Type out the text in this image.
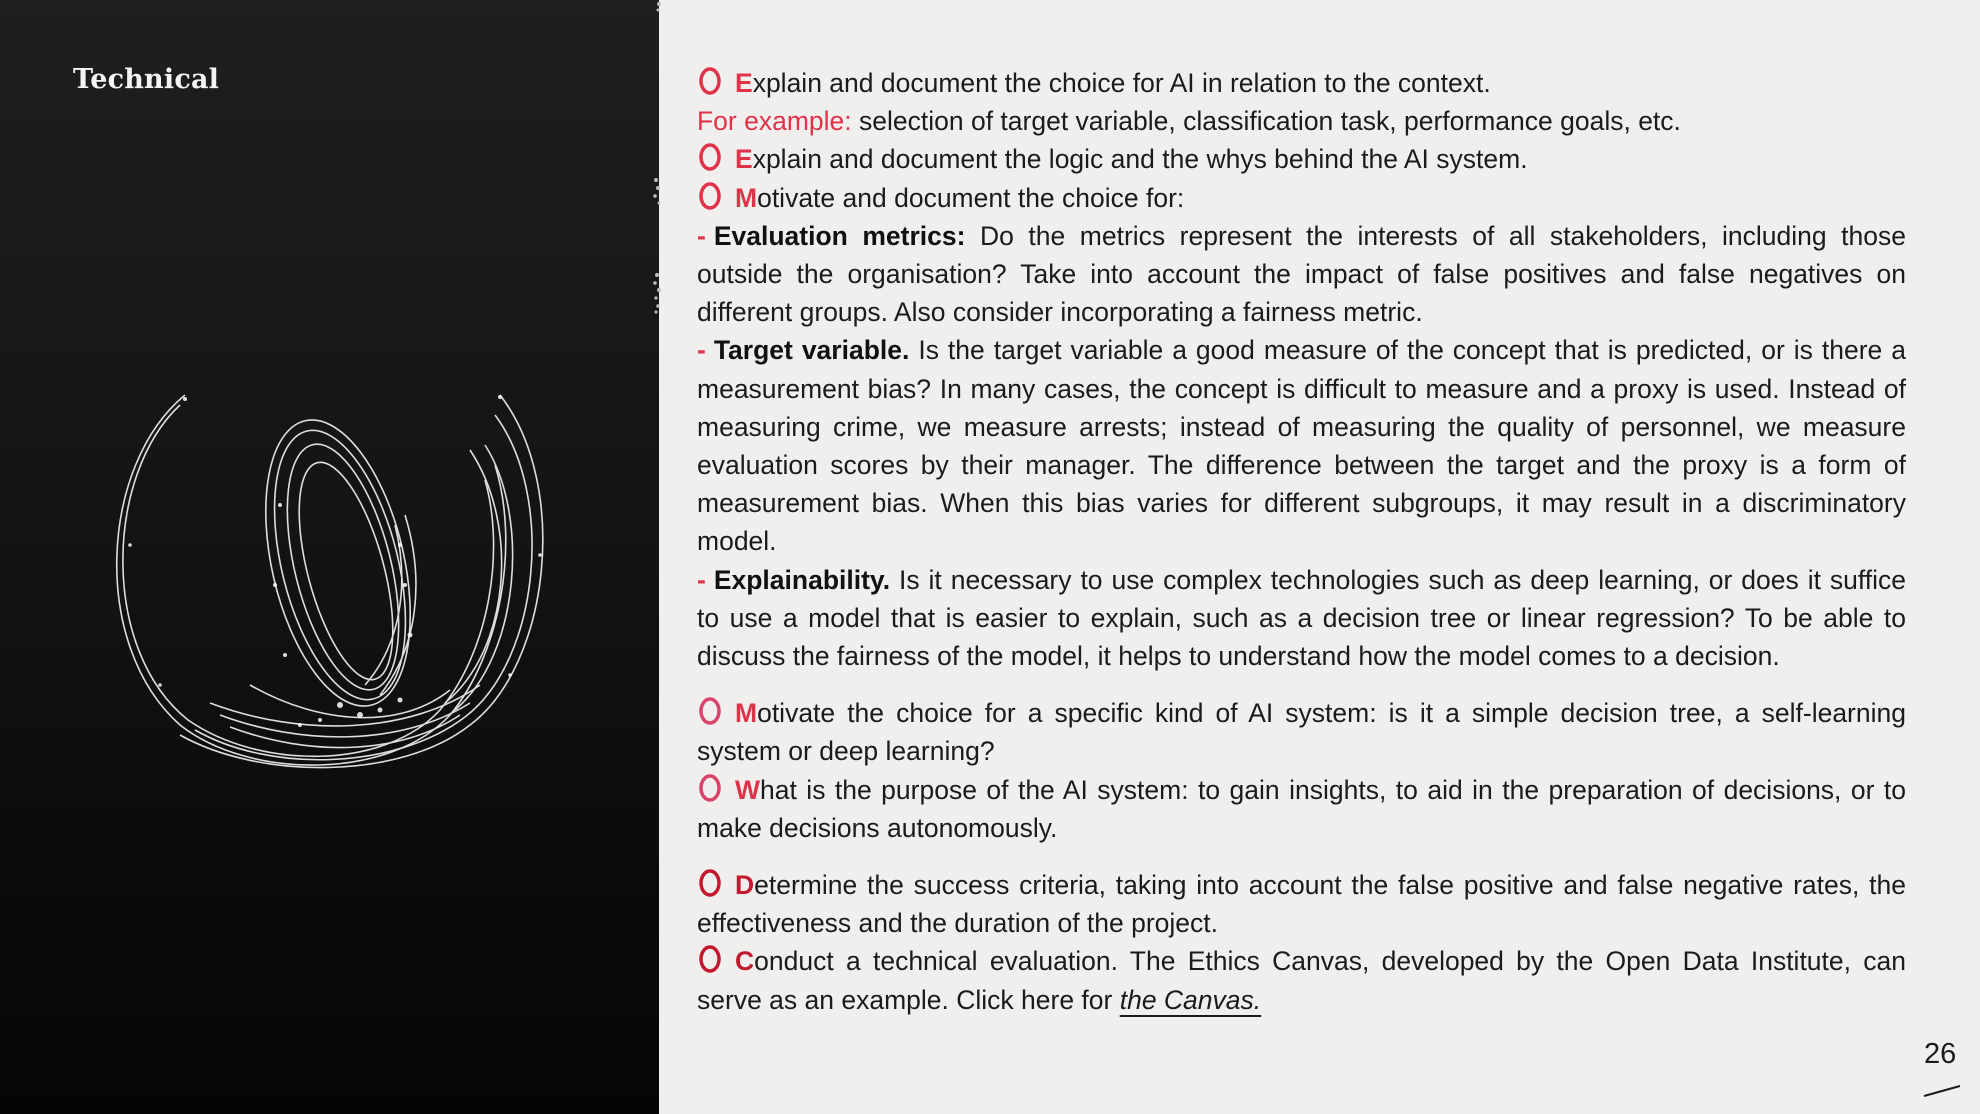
Technical	Explain and document the choice for AI in relation to the context.
For example: selection of target variable, classification task, performance goals, etc.
Explain and document the logic and the whys behind the AI system.
Motivate and document the choice for:
- Evaluation metrics: Do the metrics represent the interests of all stakeholders, including those outside the organisation? Take into account the impact of false positives and false negatives on different groups. Also consider incorporating a fairness metric.
- Target variable. Is the target variable a good measure of the concept that is predicted, or is there a measurement bias? In many cases, the concept is difficult to measure and a proxy is used. Instead of measuring crime, we measure arrests; instead of measuring the quality of personnel, we measure evaluation scores by their manager. The difference between the target and the proxy is a form of measurement bias. When this bias varies for different subgroups, it may result in a discriminatory model.
- Explainability. Is it necessary to use complex technologies such as deep learning, or does it suffice to use a model that is easier to explain, such as a decision tree or linear regression? To be able to discuss the fairness of the model, it helps to understand how the model comes to a decision.
Motivate the choice for a specific kind of AI system: is it a simple decision tree, a self-learning system or deep learning?
What is the purpose of the AI system: to gain insights, to aid in the preparation of decisions, or to make decisions autonomously.
Determine the success criteria, taking into account the false positive and false negative rates, the effectiveness and the duration of the project.
Conduct a technical evaluation. The Ethics Canvas, developed by the Open Data Institute, can serve as an example. Click here for the Canvas.
26
